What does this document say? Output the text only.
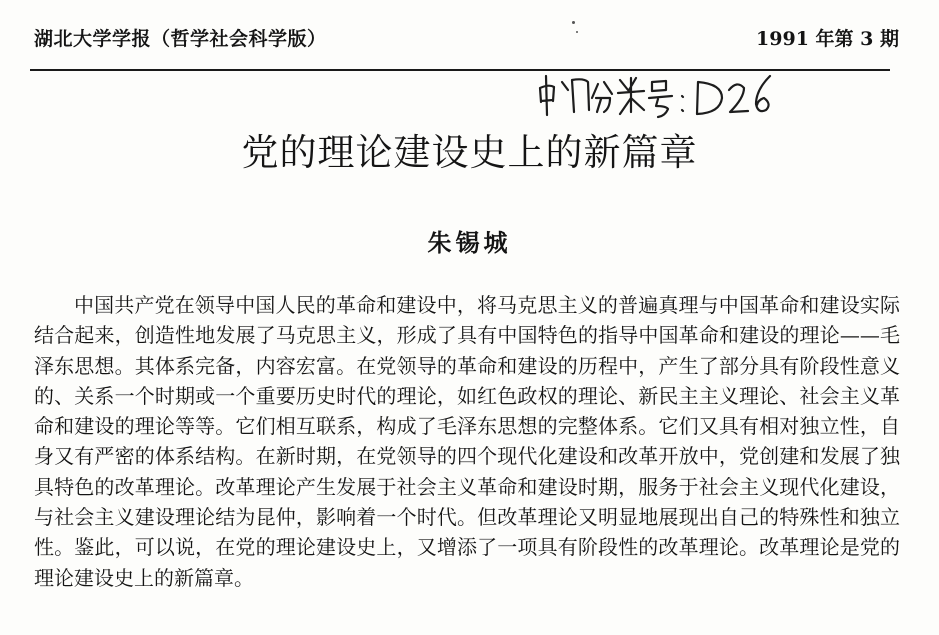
湖北大学学报（哲学社会科学版）	1991 年第 3 期
党的理论建设史上的新篇章
朱锡城

中国共产党在领导中国人民的革命和建设中，将马克思主义的普遍真理与中国革命和建设实际结合起来，创造性地发展了马克思主义，形成了具有中国特色的指导中国革命和建设的理论——毛泽东思想。其体系完备，内容宏富。在党领导的革命和建设的历程中，产生了部分具有阶段性意义的、关系一个时期或一个重要历史时代的理论，如红色政权的理论、新民主主义理论、社会主义革命和建设的理论等等。它们相互联系，构成了毛泽东思想的完整体系。它们又具有相对独立性，自身又有严密的体系结构。在新时期，在党领导的四个现代化建设和改革开放中，党创建和发展了独具特色的改革理论。改革理论产生发展于社会主义革命和建设时期，服务于社会主义现代化建设，与社会主义建设理论结为昆仲，影响着一个时代。但改革理论又明显地展现出自己的特殊性和独立性。鉴此，可以说，在党的理论建设史上，又增添了一项具有阶段性的改革理论。改革理论是党的理论建设史上的新篇章。
